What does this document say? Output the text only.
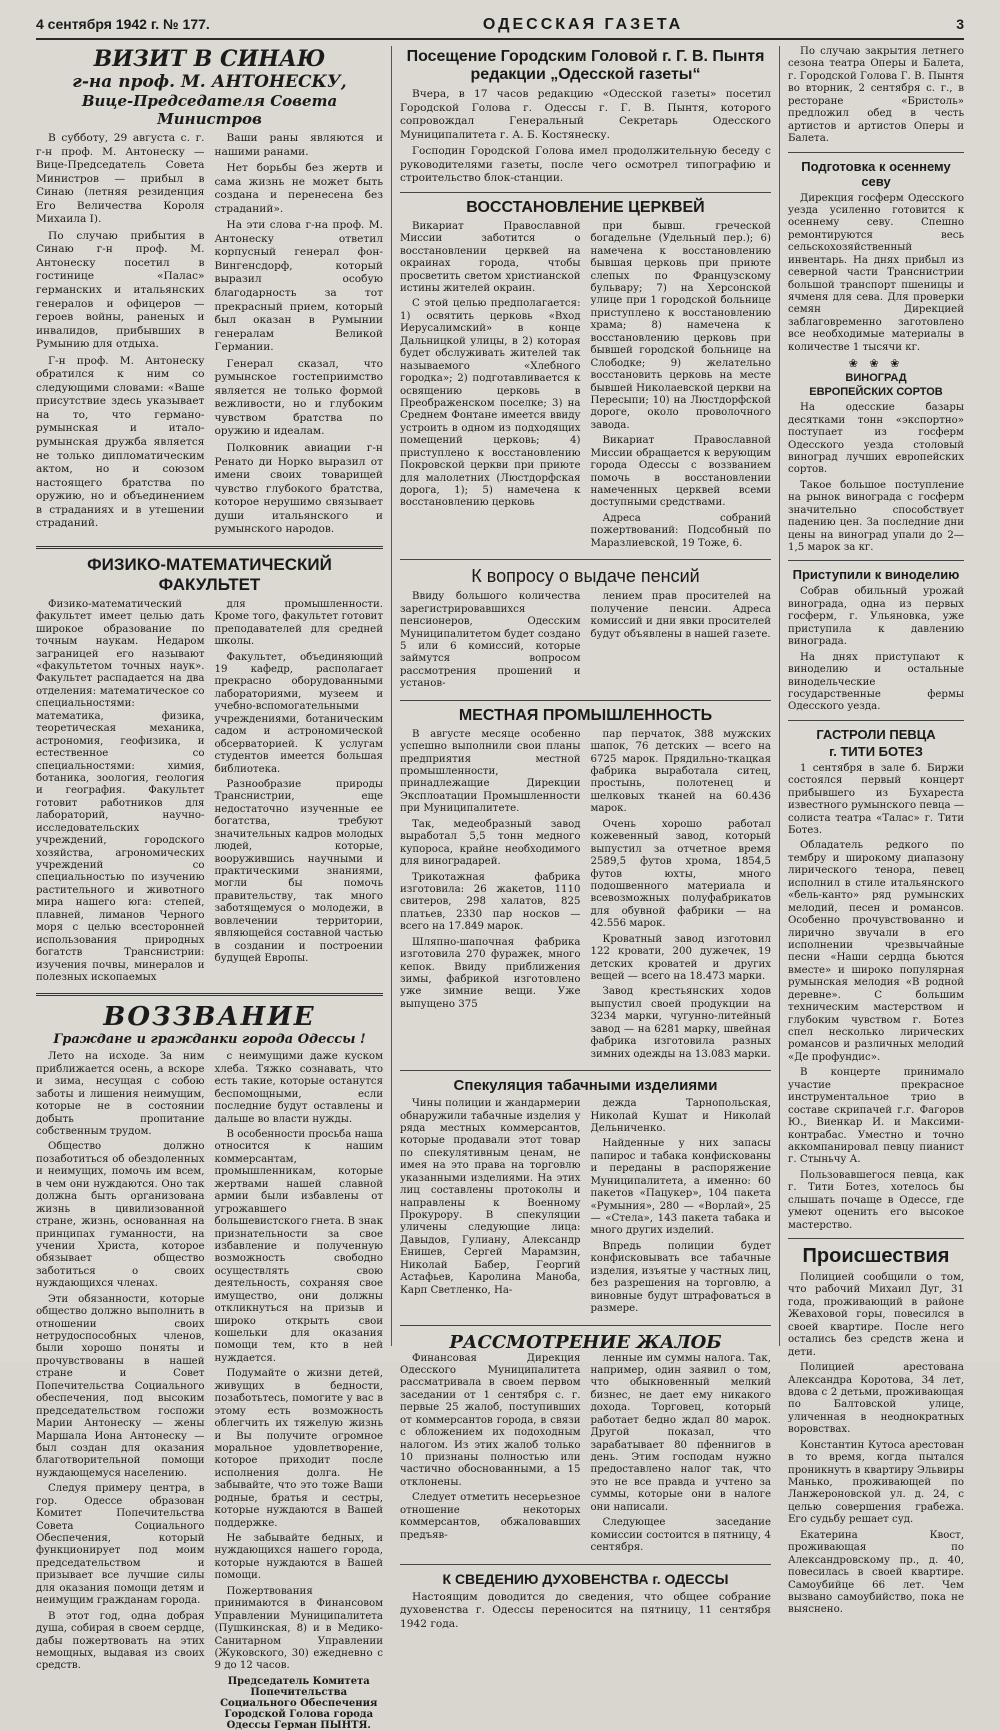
4 сентября 1942 г. № 177.	ОДЕССКАЯ ГАЗЕТА	3
ВИЗИТ В СИНАЮ
г-на проф. М. АНТОНЕСКУ,
Вице-Председателя Совета Министров

В субботу, 29 августа с. г. г-н проф. М. Антонеску — Вице-Председатель Совета Министров — прибыл в Синаю (летняя резиденция Его Величества Короля Михаила I).

По случаю прибытия в Синаю г-н проф. М. Антонеску посетил в гостинице «Палас» германских и итальянских генералов и офицеров — героев войны, раненых и инвалидов, прибывших в Румынию для отдыха.

Г-н проф. М. Антонеску обратился к ним со следующими словами: «Ваше присутствие здесь указывает на то, что германо-румынская и итало-румынская дружба является не только дипломатическим актом, но и союзом настоящего братства по оружию, но и объединением в страданиях и в утешении страданий.

Ваши раны являются и нашими ранами.

Нет борьбы без жертв и сама жизнь не может быть создана и перенесена без страданий».

На эти слова г-на проф. М. Антонеску ответил корпусный генерал фон-Вингенсдорф, который выразил особую благодарность за тот прекрасный прием, который был оказан в Румынии генералам Великой Германии.

Генерал сказал, что румынское гостеприимство является не только формой вежливости, но и глубоким чувством братства по оружию и идеалам.

Полковник авиации г-н Ренато ди Норко выразил от имени своих товарищей чувство глубокого братства, которое нерушимо связывает души итальянского и румынского народов.

ФИЗИКО-МАТЕМАТИЧЕСКИЙ ФАКУЛЬТЕТ

Физико-математический факультет имеет целью дать широкое образование по точным наукам. Недаром заграницей его называют «факультетом точных наук». Факультет распадается на два отделения: математическое со специальностями: математика, физика, теоретическая механика, астрономия, геофизика, и естественное со специальностями: химия, ботаника, зоология, геология и география. Факультет готовит работников для лабораторий, научно-исследовательских учреждений, городского хозяйства, агрономических учреждений со специальностью по изучению растительного и животного мира нашего юга: степей, плавней, лиманов Черного моря с целью всесторонней использования природных богатств Транснистрии: изучения почвы, минералов и полезных ископаемых

для промышленности. Кроме того, факультет готовит преподавателей для средней школы.

Факультет, объединяющий 19 кафедр, располагает прекрасно оборудованными лабораториями, музеем и учебно-вспомогательными учреждениями, ботаническим садом и астрономической обсерваторией. К услугам студентов имеется большая библиотека.

Разнообразие природы Транснистрии, еще недостаточно изученные ее богатства, требуют значительных кадров молодых людей, которые, вооружившись научными и практическими знаниями, могли бы помочь правительству, так много заботящемуся о молодежи, в вовлечении территории, являющейся составной частью в создании и построении будущей Европы.

ВОЗЗВАНИЕ
Граждане и гражданки города Одессы !

Лето на исходе. За ним приближается осень, а вскоре и зима, несущая с собою заботы и лишения неимущим, которые не в состоянии добыть пропитание собственным трудом.

Общество должно позаботиться об обездоленных и неимущих, помочь им всем, в чем они нуждаются. Оно так должна быть организована жизнь в цивилизованной стране, жизнь, основанная на принципах гуманности, на учении Христа, которое обязывает общество заботиться о своих нуждающихся членах.

Эти обязанности, которые общество должно выполнить в отношении своих нетрудоспособных членов, были хорошо поняты и прочувствованы в нашей стране и Совет Попечительства Социального обеспечения, под высоким председательством госпожи Марии Антонеску — жены Маршала Иона Антонеску — был создан для оказания благотворительной помощи нуждающемуся населению.

Следуя примеру центра, в гор. Одессе образован Комитет Попечительства Совета Социального Обеспечения, который функционирует под моим председательством и призывает все лучшие силы для оказания помощи детям и неимущим гражданам города.

В этот год, одна добрая душа, собирая в своем сердце, дабы пожертвовать на этих немощных, выдавая из своих средств.

с неимущими даже куском хлеба. Тяжко сознавать, что есть такие, которые останутся беспомощными, если последние будут оставлены и дальше во власти нужды.

В особенности просьба наша относится к нашим коммерсантам, промышленникам, которые жертвами нашей славной армии были избавлены от угрожавшего большевистского гнета. В знак признательности за свое избавление и полученную возможность свободно осуществлять свою деятельность, сохраняя свое имущество, они должны откликнуться на призыв и широко открыть свои кошельки для оказания помощи тем, кто в ней нуждается.

Подумайте о жизни детей, живущих в бедности, позаботьтесь, помогите у вас в этому есть возможность облегчить их тяжелую жизнь и Вы получите огромное моральное удовлетворение, которое приходит после исполнения долга. Не забывайте, что это тоже Ваши родные, братья и сестры, которые нуждаются в Вашей поддержке.

Не забывайте бедных, и нуждающихся нашего города, которые нуждаются в Вашей помощи.

Пожертвования принимаются в Финансовом Управлении Муниципалитета (Пушкинская, 8) и в Медико-Санитарном Управлении (Жуковского, 30) ежедневно с 9 до 12 часов.

Председатель Комитета Попечительства Социального Обеспечения
Городской Голова города Одессы Герман ПЫНТЯ.
Посещение Городским Головой г. Г. В. Пынтя редакции „Одесской газеты“

Вчера, в 17 часов редакцию «Одесской газеты» посетил Городской Голова г. Одессы г. Г. В. Пынтя, которого сопровождал Генеральный Секретарь Одесского Муниципалитета г. А. Б. Костянеску.

Господин Городской Голова имел продолжительную беседу с руководителями газеты, после чего осмотрел типографию и строительство блок-станции.

ВОССТАНОВЛЕНИЕ ЦЕРКВЕЙ

Викариат Православной Миссии заботится о восстановлении церквей на окраинах города, чтобы просветить светом христианской истины жителей окраин.

С этой целью предполагается: 1) освятить церковь «Вход Иерусалимский» в конце Дальницкой улицы, в 2) которая будет обслуживать жителей так называемого «Хлебного городка»; 2) подготавливается к освящению церковь в Преображенском поселке; 3) на Среднем Фонтане имеется ввиду устроить в одном из подходящих помещений церковь; 4) приступлено к восстановлению Покровской церкви при приюте для малолетних (Люстдорфская дорога, 1); 5) намечена к восстановлению церковь

при бывш. греческой богадельне (Удельный пер.); 6) намечена к восстановлению бывшая церковь при приюте слепых по Французскому бульвару; 7) на Херсонской улице при 1 городской больнице приступлено к восстановлению храма; 8) намечена к восстановлению церковь при бывшей городской больнице на Слободке; 9) желательно восстановить церковь на месте бывшей Николаевской церкви на Пересыпи; 10) на Люстдорфской дороге, около проволочного завода.

Викариат Православной Миссии обращается к верующим города Одессы с воззванием помочь в восстановлении намеченных церквей всеми доступными средствами.

Адреса собраний пожертвований: Подсобный по Маразлиевской, 19 Тоже, 6.

К вопросу о выдаче пенсий

Ввиду большого количества зарегистрировавшихся пенсионеров, Одесским Муниципалитетом будет создано 5 или 6 комиссий, которые займутся вопросом рассмотрения прошений и установ-

лением прав просителей на получение пенсии. Адреса комиссий и дни явки просителей будут объявлены в нашей газете.

МЕСТНАЯ ПРОМЫШЛЕННОСТЬ

В августе месяце особенно успешно выполнили свои планы предприятия местной промышленности, принадлежащие Дирекции Эксплоатации Промышленности при Муниципалитете.

Так, медеобразный завод выработал 5,5 тонн медного купороса, крайне необходимого для виноградарей.

Трикотажная фабрика изготовила: 26 жакетов, 1110 свитеров, 298 халатов, 825 платьев, 2330 пар носков — всего на 17.849 марок.

Шляпно-шапочная фабрика изготовила 270 фуражек, много кепок. Ввиду приближения зимы, фабрикой изготовлено уже зимние вещи. Уже выпущено 375

пар перчаток, 388 мужских шапок, 76 детских — всего на 6725 марок. Прядильно-ткацкая фабрика выработала ситец, простынь, полотенец и шелковых тканей на 60.436 марок.

Очень хорошо работал кожевенный завод, который выпустил за отчетное время 2589,5 футов хрома, 1854,5 футов юхты, много подошвенного материала и всевозможных полуфабрикатов для обувной фабрики — на 42.556 марок.

Кроватный завод изготовил 122 кровати, 200 дужечек, 19 детских кроватей и других вещей — всего на 18.473 марки.

Завод крестьянских ходов выпустил своей продукции на 3234 марки, чугунно-литейный завод — на 6281 марку, швейная фабрика изготовила разных зимних одежды на 13.083 марки.

Спекуляция табачными изделиями

Чины полиции и жандармерии обнаружили табачные изделия у ряда местных коммерсантов, которые продавали этот товар по спекулятивным ценам, не имея на это права на торговлю указанными изделиями. На этих лиц составлены протоколы и направлены к Военному Прокурору. В спекуляции уличены следующие лица: Давыдов, Гулиану, Александр Енишев, Сергей Марамзин, Николай Бабер, Георгий Астафьев, Каролина Маноба, Карп Светленко, На-

дежда Тарнопольская, Николай Кушат и Николай Дельниченко.

Найденные у них запасы папирос и табака конфискованы и переданы в распоряжение Муниципалитета, а именно: 60 пакетов «Пацукер», 104 пакета «Румыния», 280 — «Ворлай», 25 — «Стела», 143 пакета табака и много других изделий.

Впредь полиции будет конфисковывать все табачные изделия, изъятые у частных лиц, без разрешения на торговлю, а виновные будут штрафоваться в размере.

РАССМОТРЕНИЕ ЖАЛОБ

Финансовая Дирекция Одесского Муниципалитета рассматривала в своем первом заседании от 1 сентября с. г. первые 25 жалоб, поступивших от коммерсантов города, в связи с обложением их подоходным налогом. Из этих жалоб только 10 признаны полностью или частично обоснованными, а 15 отклонены.

Следует отметить несерьезное отношение некоторых коммерсантов, обжаловавших предъяв-

ленные им суммы налога. Так, например, один заявил о том, что обыкновенный мелкий бизнес, не дает ему никакого дохода. Торговец, который работает бедно ждал 80 марок. Другой показал, что зарабатывает 80 пфеннигов в день. Этим господам нужно предоставлено налог так, что это не все правда и учтено за суммы, которые они в налоге они написали.

Следующее заседание комиссии состоится в пятницу, 4 сентября.

К СВЕДЕНИЮ ДУХОВЕНСТВА г. ОДЕССЫ

Настоящим доводится до сведения, что общее собрание духовенства г. Одессы переносится на пятницу, 11 сентября 1942 года.

По случаю закрытия летнего сезона театра Оперы и Балета, г. Городской Голова Г. В. Пынтя во вторник, 2 сентября с. г., в ресторане «Бристоль» предложил обед в честь артистов и артистов Оперы и Балета.

Подготовка к осеннему севу

Дирекция госферм Одесского уезда усиленно готовится к осеннему севу. Спешно ремонтируются весь сельскохозяйственный инвентарь. На днях прибыл из северной части Транснистрии большой транспорт пшеницы и ячменя для сева. Для проверки семян Дирекцией заблаговременно заготовлено все необходимые материалы в количестве 1 тысячи кг.

❀ ❀ ❀
ВИНОГРАД
ЕВРОПЕЙСКИХ СОРТОВ

На одесские базары десятками тонн «экспортно» поступает из госферм Одесского уезда столовый виноград лучших европейских сортов.

Такое большое поступление на рынок винограда с госферм значительно способствует падению цен. За последние дни цены на виноград упали до 2—1,5 марок за кг.

Приступили к виноделию

Собрав обильный урожай винограда, одна из первых госферм, г. Ульяновка, уже приступила к давлению винограда.

На днях приступают к виноделию и остальные винодельческие государственные фермы Одесского уезда.

ГАСТРОЛИ ПЕВЦА
г. ТИТИ БОТЕЗ

1 сентября в зале б. Биржи состоялся первый концерт прибывшего из Бухареста известного румынского певца — солиста театра «Талас» г. Тити Ботез.

Обладатель редкого по тембру и широкому диапазону лирического тенора, певец исполнил в стиле итальянского «бель-канто» ряд румынских мелодий, песен и романсов. Особенно прочувствованно и лирично звучали в его исполнении чрезвычайные песни «Наши сердца бьются вместе» и широко популярная румынская мелодия «В родной деревне». С большим техническим мастерством и глубоким чувством г. Ботез спел несколько лирических романсов и различных мелодий «Де профундис».

В концерте принимало участие прекрасное инструментальное трио в составе скрипачей г.г. Фагоров Ю., Виенкар И. и Максими-контрабас. Уместно и точно аккомпанировал певцу пианист г. Стыньчу А.

Пользовавшегося певца, как г. Тити Ботез, хотелось бы слышать почаще в Одессе, где умеют оценить его высокое мастерство.

Происшествия

Полицией сообщили о том, что рабочий Михаил Дуг, 31 года, проживающий в районе Жеваховой горы, повесился в своей квартире. После него остались без средств жена и дети.

Полицией арестована Александра Коротова, 34 лет, вдова с 2 детьми, проживающая по Балтовской улице, уличенная в неоднократных воровствах.

Константин Кутоса арестован в то время, когда пытался проникнуть в квартиру Эльвиры Манько, проживающей по Ланжероновской ул. д. 24, с целью совершения грабежа. Его судьбу решает суд.

Екатерина Квост, проживающая по Александровскому пр., д. 40, повесилась в своей квартире. Самоубийце 66 лет. Чем вызвано самоубийство, пока не выяснено.
